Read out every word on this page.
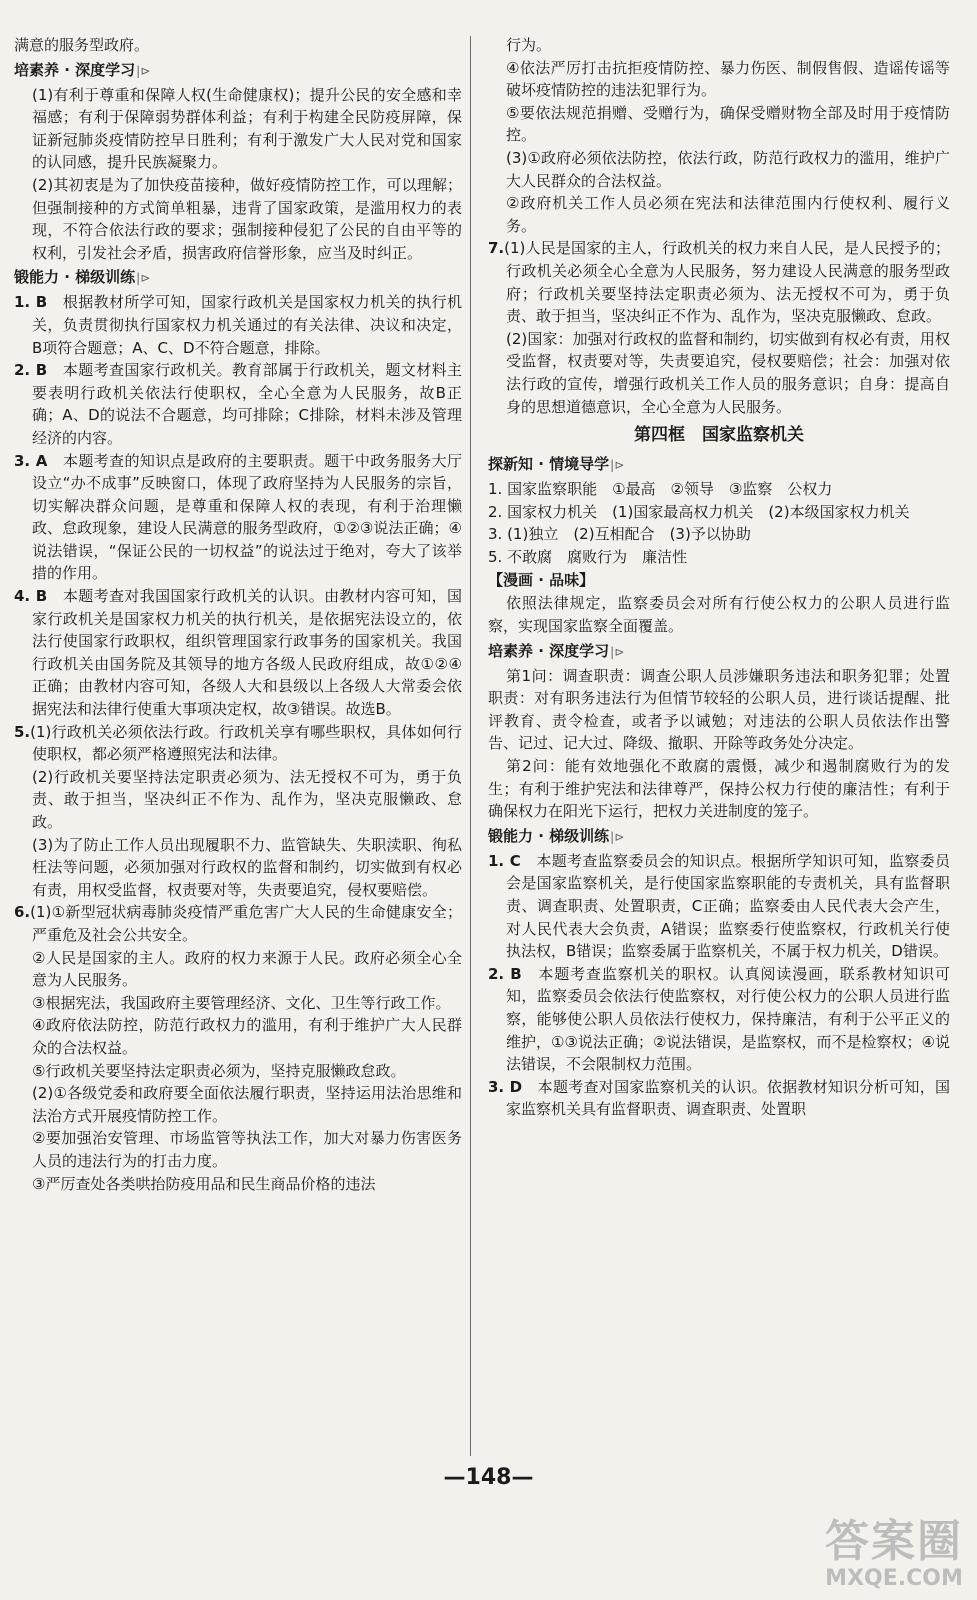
满意的服务型政府。

培素养 · 深度学习|⊳

(1)有利于尊重和保障人权(生命健康权)；提升公民的安全感和幸福感；有利于保障弱势群体利益；有利于构建全民防疫屏障，保证新冠肺炎疫情防控早日胜利；有利于激发广大人民对党和国家的认同感，提升民族凝聚力。

(2)其初衷是为了加快疫苗接种，做好疫情防控工作，可以理解；但强制接种的方式简单粗暴，违背了国家政策，是滥用权力的表现，不符合依法行政的要求；强制接种侵犯了公民的自由平等的权利，引发社会矛盾，损害政府信誉形象，应当及时纠正。

锻能力 · 梯级训练|⊳

1. B　根据教材所学可知，国家行政机关是国家权力机关的执行机关，负责贯彻执行国家权力机关通过的有关法律、决议和决定，B项符合题意；A、C、D不符合题意，排除。

2. B　本题考查国家行政机关。教育部属于行政机关，题文材料主要表明行政机关依法行使职权，全心全意为人民服务，故B正确；A、D的说法不合题意，均可排除；C排除，材料未涉及管理经济的内容。

3. A　本题考查的知识点是政府的主要职责。题干中政务服务大厅设立“办不成事”反映窗口，体现了政府坚持为人民服务的宗旨，切实解决群众问题，是尊重和保障人权的表现，有利于治理懒政、怠政现象，建设人民满意的服务型政府，①②③说法正确；④说法错误，“保证公民的一切权益”的说法过于绝对，夸大了该举措的作用。

4. B　本题考查对我国国家行政机关的认识。由教材内容可知，国家行政机关是国家权力机关的执行机关，是依据宪法设立的，依法行使国家行政职权，组织管理国家行政事务的国家机关。我国行政机关由国务院及其领导的地方各级人民政府组成，故①②④正确；由教材内容可知，各级人大和县级以上各级人大常委会依据宪法和法律行使重大事项决定权，故③错误。故选B。

5.(1)行政机关必须依法行政。行政机关享有哪些职权，具体如何行使职权，都必须严格遵照宪法和法律。

(2)行政机关要坚持法定职责必须为、法无授权不可为，勇于负责、敢于担当，坚决纠正不作为、乱作为，坚决克服懒政、怠政。

(3)为了防止工作人员出现履职不力、监管缺失、失职渎职、徇私枉法等问题，必须加强对行政权的监督和制约，切实做到有权必有责，用权受监督，权责要对等，失责要追究，侵权要赔偿。

6.(1)①新型冠状病毒肺炎疫情严重危害广大人民的生命健康安全；严重危及社会公共安全。

②人民是国家的主人。政府的权力来源于人民。政府必须全心全意为人民服务。

③根据宪法，我国政府主要管理经济、文化、卫生等行政工作。

④政府依法防控，防范行政权力的滥用，有利于维护广大人民群众的合法权益。

⑤行政机关要坚持法定职责必须为，坚持克服懒政怠政。

(2)①各级党委和政府要全面依法履行职责，坚持运用法治思维和法治方式开展疫情防控工作。

②要加强治安管理、市场监管等执法工作，加大对暴力伤害医务人员的违法行为的打击力度。

③严厉查处各类哄抬防疫用品和民生商品价格的违法

行为。

④依法严厉打击抗拒疫情防控、暴力伤医、制假售假、造谣传谣等破坏疫情防控的违法犯罪行为。

⑤要依法规范捐赠、受赠行为，确保受赠财物全部及时用于疫情防控。

(3)①政府必须依法防控，依法行政，防范行政权力的滥用，维护广大人民群众的合法权益。

②政府机关工作人员必须在宪法和法律范围内行使权利、履行义务。

7.(1)人民是国家的主人，行政机关的权力来自人民，是人民授予的；行政机关必须全心全意为人民服务，努力建设人民满意的服务型政府；行政机关要坚持法定职责必须为、法无授权不可为，勇于负责、敢于担当，坚决纠正不作为、乱作为，坚决克服懒政、怠政。

(2)国家：加强对行政权的监督和制约，切实做到有权必有责，用权受监督，权责要对等，失责要追究，侵权要赔偿；社会：加强对依法行政的宣传，增强行政机关工作人员的服务意识；自身：提高自身的思想道德意识，全心全意为人民服务。

第四框　国家监察机关
探新知 · 情境导学|⊳

1. 国家监察职能　①最高　②领导　③监察　公权力

2. 国家权力机关　(1)国家最高权力机关　(2)本级国家权力机关

3. (1)独立　(2)互相配合　(3)予以协助

5. 不敢腐　腐败行为　廉洁性

【漫画 · 品味】

依照法律规定，监察委员会对所有行使公权力的公职人员进行监察，实现国家监察全面覆盖。

培素养 · 深度学习|⊳

第1问：调查职责：调查公职人员涉嫌职务违法和职务犯罪；处置职责：对有职务违法行为但情节较轻的公职人员，进行谈话提醒、批评教育、责令检查，或者予以诫勉；对违法的公职人员依法作出警告、记过、记大过、降级、撤职、开除等政务处分决定。

第2问：能有效地强化不敢腐的震慑，减少和遏制腐败行为的发生；有利于维护宪法和法律尊严，保持公权力行使的廉洁性；有利于确保权力在阳光下运行，把权力关进制度的笼子。

锻能力 · 梯级训练|⊳

1. C　本题考查监察委员会的知识点。根据所学知识可知，监察委员会是国家监察机关，是行使国家监察职能的专责机关，具有监督职责、调查职责、处置职责，C正确；监察委由人民代表大会产生，对人民代表大会负责，A错误；监察委行使监察权，行政机关行使执法权，B错误；监察委属于监察机关，不属于权力机关，D错误。

2. B　本题考查监察机关的职权。认真阅读漫画，联系教材知识可知，监察委员会依法行使监察权，对行使公权力的公职人员进行监察，能够使公职人员依法行使权力，保持廉洁，有利于公平正义的维护，①③说法正确；②说法错误，是监察权，而不是检察权；④说法错误，不会限制权力范围。

3. D　本题考查对国家监察机关的认识。依据教材知识分析可知，国家监察机关具有监督职责、调查职责、处置职

—148—
答案圈
MXQE.COM
